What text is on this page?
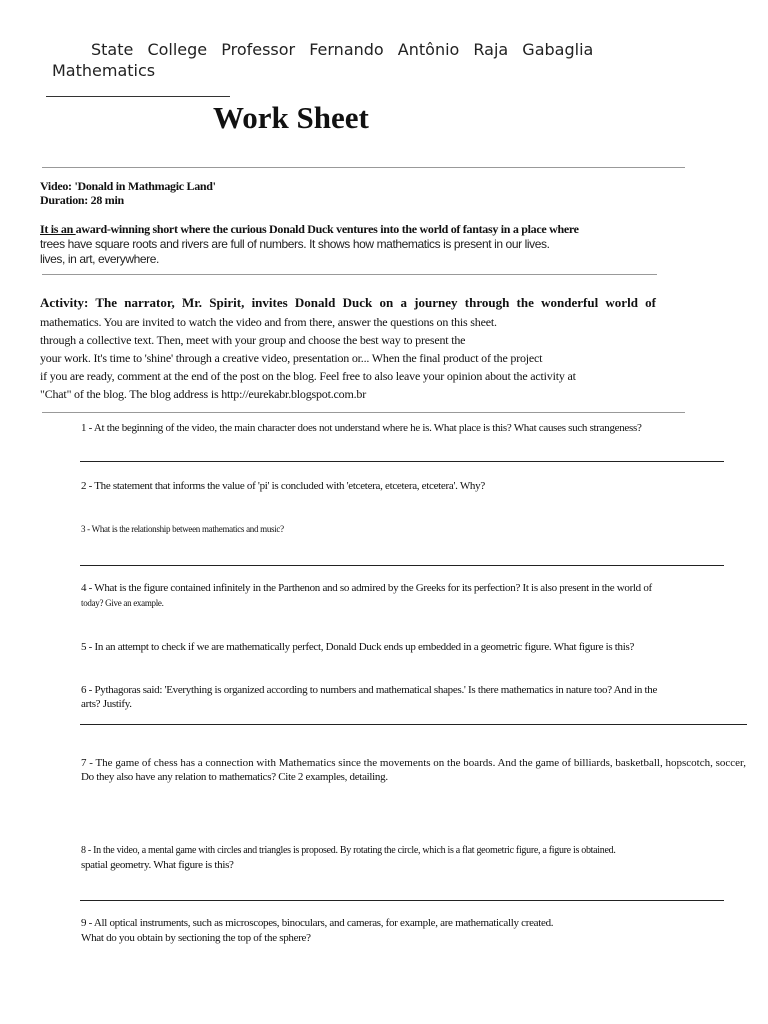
State College Professor Fernando Antônio Raja Gabaglia
Mathematics
Work Sheet
Video: 'Donald in Mathmagic Land'
Duration: 28 min
It is an award-winning short where the curious Donald Duck ventures into the world of fantasy in a place where
trees have square roots and rivers are full of numbers. It shows how mathematics is present in our lives.
lives, in art, everywhere.
Activity: The narrator, Mr. Spirit, invites Donald Duck on a journey through the wonderful world of
mathematics. You are invited to watch the video and from there, answer the questions on this sheet.
through a collective text. Then, meet with your group and choose the best way to present the
your work. It's time to 'shine' through a creative video, presentation or... When the final product of the project
if you are ready, comment at the end of the post on the blog. Feel free to also leave your opinion about the activity at
"Chat" of the blog. The blog address is http://eurekabr.blogspot.com.br
1 - At the beginning of the video, the main character does not understand where he is. What place is this? What causes such strangeness?
2 - The statement that informs the value of 'pi' is concluded with 'etcetera, etcetera, etcetera'. Why?
3 - What is the relationship between mathematics and music?
4 - What is the figure contained infinitely in the Parthenon and so admired by the Greeks for its perfection? It is also present in the world of
today? Give an example.
5 - In an attempt to check if we are mathematically perfect, Donald Duck ends up embedded in a geometric figure. What figure is this?
6 - Pythagoras said: 'Everything is organized according to numbers and mathematical shapes.' Is there mathematics in nature too? And in the
arts? Justify.
7 - The game of chess has a connection with Mathematics since the movements on the boards. And the game of billiards, basketball, hopscotch, soccer,
Do they also have any relation to mathematics? Cite 2 examples, detailing.
8 - In the video, a mental game with circles and triangles is proposed. By rotating the circle, which is a flat geometric figure, a figure is obtained.
spatial geometry. What figure is this?
9 - All optical instruments, such as microscopes, binoculars, and cameras, for example, are mathematically created.
What do you obtain by sectioning the top of the sphere?
